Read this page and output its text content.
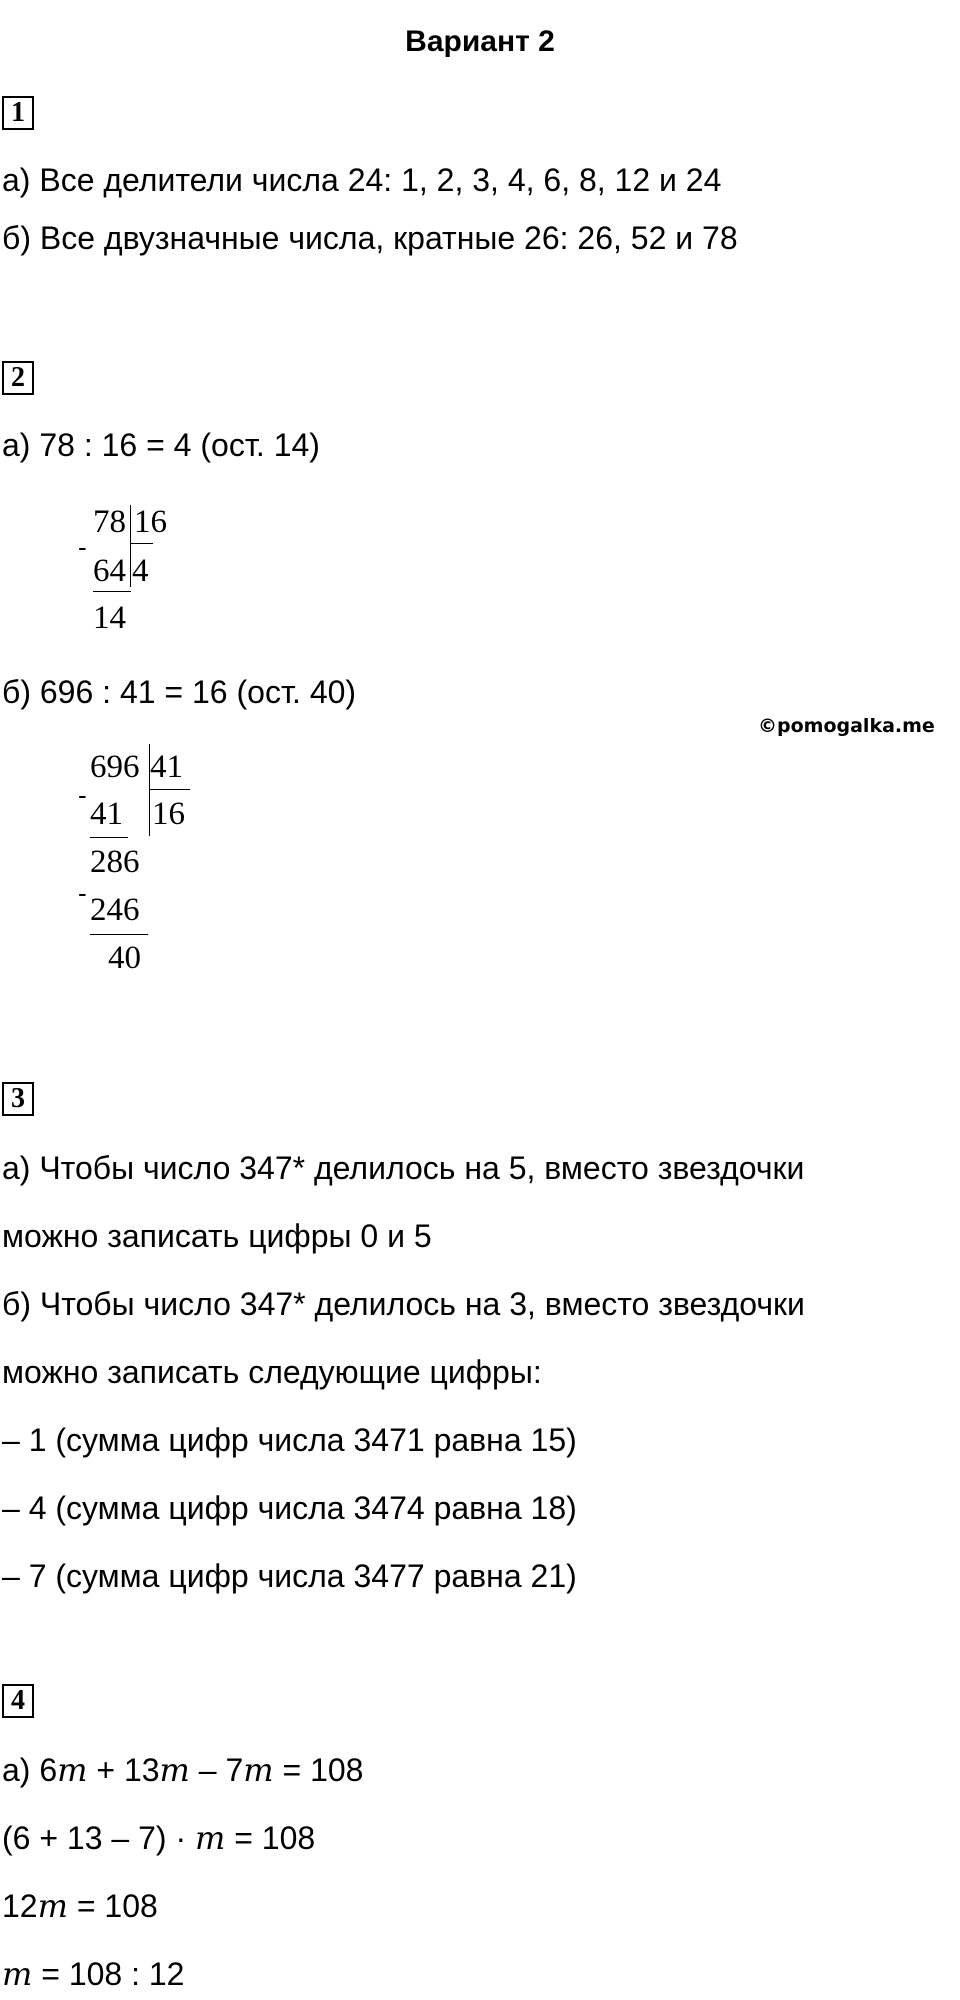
Вариант 2
1
а) Все делители числа 24: 1, 2, 3, 4, 6, 8, 12 и 24
б) Все двузначные числа, кратные 26: 26, 52 и 78
2
а) 78 : 16 = 4 (ост. 14)
78 16
-
64 4
14
б) 696 : 41 = 16 (ост. 40)
©pomogalka.me
696 41
-
41 16
286
- 246
40
3
а) Чтобы число 347* делилось на 5, вместо звездочки
можно записать цифры 0 и 5
б) Чтобы число 347* делилось на 3, вместо звездочки
можно записать следующие цифры:
– 1 (сумма цифр числа 3471 равна 15)
– 4 (сумма цифр числа 3474 равна 18)
– 7 (сумма цифр числа 3477 равна 21)
4
а) 6m + 13m – 7m = 108
(6 + 13 – 7) · m = 108
12m = 108
m = 108 : 12
